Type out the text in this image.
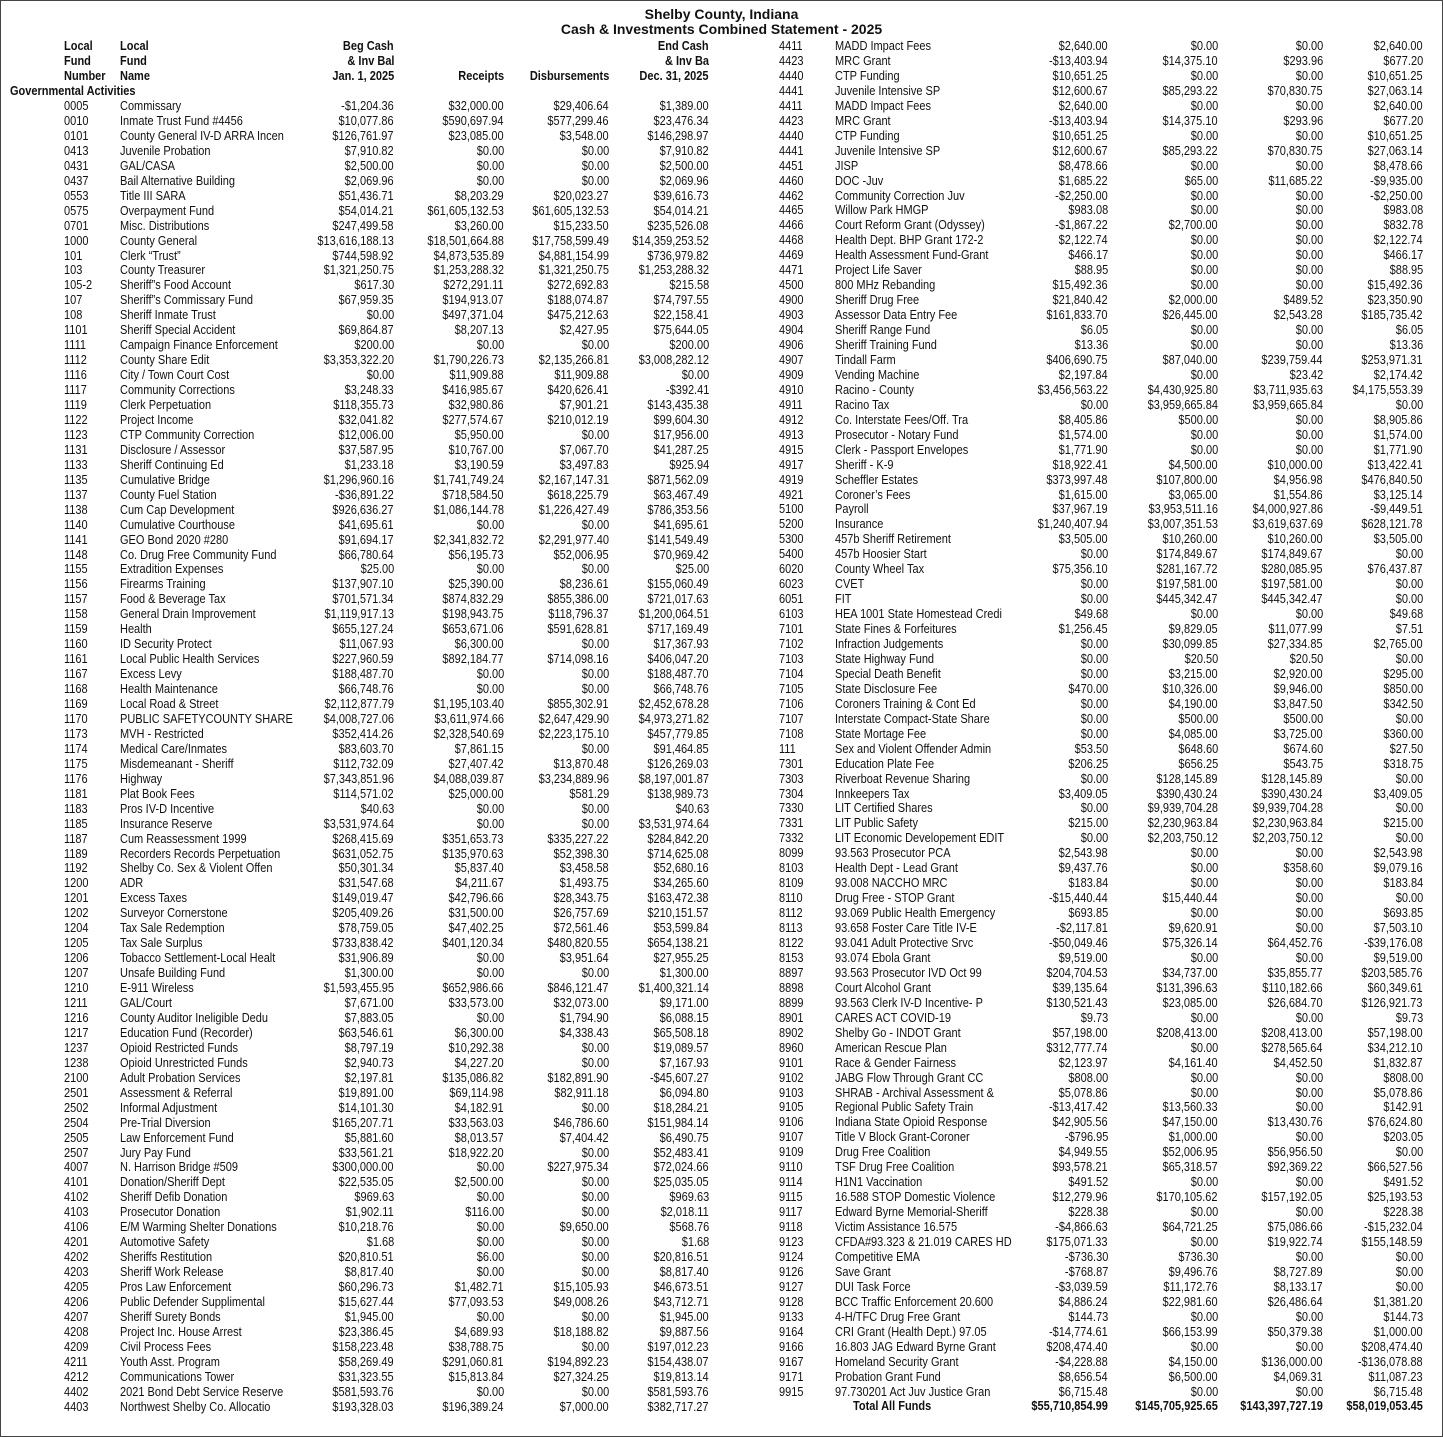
Shelby County, Indiana
Cash & Investments Combined Statement - 2025
Local Local	Beg Cash	End Cash
Fund Fund	& Inv Bal	& Inv Ba
Number Name	Jan. 1, 2025	Dec. 31, 2025
Receipts Disbursements
Governmental Activities
0005	Commissary	-$1,204.36	$32,000.00	$29,406.64	$1,389.00
0010	Inmate Trust Fund #4456	$10,077.86	$590,697.94	$577,299.46	$23,476.34
0101	County General IV-D ARRA Incen	$126,761.97	$23,085.00	$3,548.00	$146,298.97
0413	Juvenile Probation	$7,910.82	$0.00	$0.00	$7,910.82
0431	GAL/CASA	$2,500.00	$0.00	$0.00	$2,500.00
0437	Bail Alternative Building	$2,069.96	$0.00	$0.00	$2,069.96
0553	Title III SARA	$51,436.71	$8,203.29	$20,023.27	$39,616.73
0575	Overpayment Fund	$54,014.21	$61,605,132.53 $61,605,132.53	$54,014.21
0701	Misc. Distributions	$247,499.58	$3,260.00	$15,233.50	$235,526.08
1000	County General	$13,616,188.13	$18,501,664.88 $17,758,599.49 $14,359,253.52
101	Clerk “Trust”	$744,598.92	$4,873,535.89	$4,881,154.99	$736,979.82
103	County Treasurer	$1,321,250.75	$1,253,288.32	$1,321,250.75 $1,253,288.32
105-2 Sheriff”s Food Account	$617.30	$272,291.11	$272,692.83	$215.58
107	Sheriff”s Commissary Fund	$67,959.35	$194,913.07	$188,074.87	$74,797.55
108	Sheriff Inmate Trust	$0.00	$497,371.04	$475,212.63	$22,158.41
1101	Sheriff Special Accident	$69,864.87	$8,207.13	$2,427.95	$75,644.05
1111	Campaign Finance Enforcement	$200.00	$0.00	$0.00	$200.00
1112	County Share Edit	$3,353,322.20	$1,790,226.73	$2,135,266.81 $3,008,282.12
1116	City / Town Court Cost	$0.00	$11,909.88	$11,909.88	$0.00
1117	Community Corrections	$3,248.33	$416,985.67	$420,626.41	-$392.41
1119	Clerk Perpetuation	$118,355.73	$32,980.86	$7,901.21	$143,435.38
1122	Project Income	$32,041.82	$277,574.67	$210,012.19	$99,604.30
1123	CTP Community Correction	$12,006.00	$5,950.00	$0.00	$17,956.00
1131	Disclosure / Assessor	$37,587.95	$10,767.00	$7,067.70	$41,287.25
1133	Sheriff Continuing Ed	$1,233.18	$3,190.59	$3,497.83	$925.94
1135	Cumulative Bridge	$1,296,960.16	$1,741,749.24	$2,167,147.31	$871,562.09
1137	County Fuel Station	-$36,891.22	$718,584.50	$618,225.79	$63,467.49
1138	Cum Cap Development	$926,636.27	$1,086,144.78	$1,226,427.49	$786,353.56
1140	Cumulative Courthouse	$41,695.61	$0.00	$0.00	$41,695.61
1141	GEO Bond 2020 #280	$91,694.17	$2,341,832.72	$2,291,977.40	$141,549.49
1148	Co. Drug Free Community Fund	$66,780.64	$56,195.73	$52,006.95	$70,969.42
1155	Extradition Expenses	$25.00	$0.00	$0.00	$25.00
1156	Firearms Training	$137,907.10	$25,390.00	$8,236.61	$155,060.49
1157	Food & Beverage Tax	$701,571.34	$874,832.29	$855,386.00	$721,017.63
1158	General Drain Improvement	$1,119,917.13	$198,943.75	$118,796.37 $1,200,064.51
1159	Health	$655,127.24	$653,671.06	$591,628.81	$717,169.49
1160	ID Security Protect	$11,067.93	$6,300.00	$0.00	$17,367.93
1161	Local Public Health Services	$227,960.59	$892,184.77	$714,098.16	$406,047.20
1167	Excess Levy	$188,487.70	$0.00	$0.00	$188,487.70
1168	Health Maintenance	$66,748.76	$0.00	$0.00	$66,748.76
1169	Local Road & Street	$2,112,877.79	$1,195,103.40	$855,302.91 $2,452,678.28
1170	PUBLIC SAFETYCOUNTY SHARE $4,008,727.06	$3,611,974.66	$2,647,429.90 $4,973,271.82
1173	MVH - Restricted	$352,414.26	$2,328,540.69	$2,223,175.10	$457,779.85
1174	Medical Care/Inmates	$83,603.70	$7,861.15	$0.00	$91,464.85
1175	Misdemeanant - Sheriff	$112,732.09	$27,407.42	$13,870.48	$126,269.03
1176	Highway	$7,343,851.96	$4,088,039.87	$3,234,889.96 $8,197,001.87
1181	Plat Book Fees	$114,571.02	$25,000.00	$581.29	$138,989.73
1183	Pros IV-D Incentive	$40.63	$0.00	$0.00	$40.63
1185	Insurance Reserve	$3,531,974.64	$0.00	$0.00 $3,531,974.64
1187	Cum Reassessment 1999	$268,415.69	$351,653.73	$335,227.22	$284,842.20
1189	Recorders Records Perpetuation	$631,052.75	$135,970.63	$52,398.30	$714,625.08
1192	Shelby Co. Sex & Violent Offen	$50,301.34	$5,837.40	$3,458.58	$52,680.16
1200	ADR	$31,547.68	$4,211.67	$1,493.75	$34,265.60
1201	Excess Taxes	$149,019.47	$42,796.66	$28,343.75	$163,472.38
1202	Surveyor Cornerstone	$205,409.26	$31,500.00	$26,757.69	$210,151.57
1204	Tax Sale Redemption	$78,759.05	$47,402.25	$72,561.46	$53,599.84
1205	Tax Sale Surplus	$733,838.42	$401,120.34	$480,820.55	$654,138.21
1206	Tobacco Settlement-Local Healt	$31,906.89	$0.00	$3,951.64	$27,955.25
1207	Unsafe Building Fund	$1,300.00	$0.00	$0.00	$1,300.00
1210	E-911 Wireless	$1,593,455.95	$652,986.66	$846,121.47 $1,400,321.14
1211	GAL/Court	$7,671.00	$33,573.00	$32,073.00	$9,171.00
1216	County Auditor Ineligible Dedu	$7,883.05	$0.00	$1,794.90	$6,088.15
1217	Education Fund (Recorder)	$63,546.61	$6,300.00	$4,338.43	$65,508.18
1237	Opioid Restricted Funds	$8,797.19	$10,292.38	$0.00	$19,089.57
1238	Opioid Unrestricted Funds	$2,940.73	$4,227.20	$0.00	$7,167.93
2100	Adult Probation Services	$2,197.81	$135,086.82	$182,891.90	-$45,607.27
2501	Assessment & Referral	$19,891.00	$69,114.98	$82,911.18	$6,094.80
2502	Informal Adjustment	$14,101.30	$4,182.91	$0.00	$18,284.21
2504	Pre-Trial Diversion	$165,207.71	$33,563.03	$46,786.60	$151,984.14
2505	Law Enforcement Fund	$5,881.60	$8,013.57	$7,404.42	$6,490.75
2507	Jury Pay Fund	$33,561.21	$18,922.20	$0.00	$52,483.41
4007	N. Harrison Bridge #509	$300,000.00	$0.00	$227,975.34	$72,024.66
4101	Donation/Sheriff Dept	$22,535.05	$2,500.00	$0.00	$25,035.05
4102	Sheriff Defib Donation	$969.63	$0.00	$0.00	$969.63
4103	Prosecutor Donation	$1,902.11	$116.00	$0.00	$2,018.11
4106	E/M Warming Shelter Donations	$10,218.76	$0.00	$9,650.00	$568.76
4201	Automotive Safety	$1.68	$0.00	$0.00	$1.68
4202	Sheriffs Restitution	$20,810.51	$6.00	$0.00	$20,816.51
4203	Sheriff Work Release	$8,817.40	$0.00	$0.00	$8,817.40
4205	Pros Law Enforcement	$60,296.73	$1,482.71	$15,105.93	$46,673.51
4206	Public Defender Supplimental	$15,627.44	$77,093.53	$49,008.26	$43,712.71
4207	Sheriff Surety Bonds	$1,945.00	$0.00	$0.00	$1,945.00
4208	Project Inc. House Arrest	$23,386.45	$4,689.93	$18,188.82	$9,887.56
4209	Civil Process Fees	$158,223.48	$38,788.75	$0.00	$197,012.23
4211	Youth Asst. Program	$58,269.49	$291,060.81	$194,892.23	$154,438.07
4212	Communications Tower	$31,323.55	$15,813.84	$27,324.25	$19,813.14
4402	2021 Bond Debt Service Reserve	$581,593.76	$0.00	$0.00	$581,593.76
4403	Northwest Shelby Co. Allocatio	$193,328.03	$196,389.24	$7,000.00	$382,717.27
4411	MADD Impact Fees	$2,640.00	$0.00	$0.00	$2,640.00
4423	MRC Grant	-$13,403.94	$14,375.10	$293.96	$677.20
4440	CTP Funding	$10,651.25	$0.00	$0.00	$10,651.25
4441	Juvenile Intensive SP	$12,600.67	$85,293.22	$70,830.75	$27,063.14
4411	MADD Impact Fees	$2,640.00	$0.00	$0.00	$2,640.00
4423	MRC Grant	-$13,403.94	$14,375.10	$293.96	$677.20
4440	CTP Funding	$10,651.25	$0.00	$0.00	$10,651.25
4441	Juvenile Intensive SP	$12,600.67	$85,293.22	$70,830.75	$27,063.14
4451	JISP	$8,478.66	$0.00	$0.00	$8,478.66
4460	DOC -Juv	$1,685.22	$65.00	$11,685.22	-$9,935.00
4462	Community Correction Juv	-$2,250.00	$0.00	$0.00	-$2,250.00
4465	Willow Park HMGP	$983.08	$0.00	$0.00	$983.08
4466	Court Reform Grant (Odyssey)	-$1,867.22	$2,700.00	$0.00	$832.78
4468	Health Dept. BHP Grant 172-2	$2,122.74	$0.00	$0.00	$2,122.74
4469	Health Assessment Fund-Grant	$466.17	$0.00	$0.00	$466.17
4471	Project Life Saver	$88.95	$0.00	$0.00	$88.95
4500	800 MHz Rebanding	$15,492.36	$0.00	$0.00	$15,492.36
4900	Sheriff Drug Free	$21,840.42	$2,000.00	$489.52	$23,350.90
4903	Assessor Data Entry Fee	$161,833.70	$26,445.00	$2,543.28	$185,735.42
4904	Sheriff Range Fund	$6.05	$0.00	$0.00	$6.05
4906	Sheriff Training Fund	$13.36	$0.00	$0.00	$13.36
4907	Tindall Farm	$406,690.75	$87,040.00	$239,759.44	$253,971.31
4909	Vending Machine	$2,197.84	$0.00	$23.42	$2,174.42
4910	Racino - County	$3,456,563.22	$4,430,925.80	$3,711,935.63 $4,175,553.39
4911	Racino Tax	$0.00	$3,959,665.84	$3,959,665.84	$0.00
4912	Co. Interstate Fees/Off. Tra	$8,405.86	$500.00	$0.00	$8,905.86
4913	Prosecutor - Notary Fund	$1,574.00	$0.00	$0.00	$1,574.00
4915	Clerk - Passport Envelopes	$1,771.90	$0.00	$0.00	$1,771.90
4917	Sheriff - K-9	$18,922.41	$4,500.00	$10,000.00	$13,422.41
4919	Scheffler Estates	$373,997.48	$107,800.00	$4,956.98	$476,840.50
4921	Coroner’s Fees	$1,615.00	$3,065.00	$1,554.86	$3,125.14
5100	Payroll	$37,967.19	$3,953,511.16	$4,000,927.86	-$9,449.51
5200	Insurance	$1,240,407.94	$3,007,351.53	$3,619,637.69	$628,121.78
5300	457b Sheriff Retirement	$3,505.00	$10,260.00	$10,260.00	$3,505.00
5400	457b Hoosier Start	$0.00	$174,849.67	$174,849.67	$0.00
6020	County Wheel Tax	$75,356.10	$281,167.72	$280,085.95	$76,437.87
6023	CVET	$0.00	$197,581.00	$197,581.00	$0.00
6051	FIT	$0.00	$445,342.47	$445,342.47	$0.00
6103	HEA 1001 State Homestead Credi	$49.68	$0.00	$0.00	$49.68
7101	State Fines & Forfeitures	$1,256.45	$9,829.05	$11,077.99	$7.51
7102	Infraction Judgements	$0.00	$30,099.85	$27,334.85	$2,765.00
7103	State Highway Fund	$0.00	$20.50	$20.50	$0.00
7104	Special Death Benefit	$0.00	$3,215.00	$2,920.00	$295.00
7105	State Disclosure Fee	$470.00	$10,326.00	$9,946.00	$850.00
7106	Coroners Training & Cont Ed	$0.00	$4,190.00	$3,847.50	$342.50
7107	Interstate Compact-State Share	$0.00	$500.00	$500.00	$0.00
7108	State Mortage Fee	$0.00	$4,085.00	$3,725.00	$360.00
111	Sex and Violent Offender Admin	$53.50	$648.60	$674.60	$27.50
7301	Education Plate Fee	$206.25	$656.25	$543.75	$318.75
7303	Riverboat Revenue Sharing	$0.00	$128,145.89	$128,145.89	$0.00
7304	Innkeepers Tax	$3,409.05	$390,430.24	$390,430.24	$3,409.05
7330	LIT Certified Shares	$0.00	$9,939,704.28	$9,939,704.28	$0.00
7331	LIT Public Safety	$215.00	$2,230,963.84	$2,230,963.84	$215.00
7332	LIT Economic Developement EDIT	$0.00	$2,203,750.12	$2,203,750.12	$0.00
8099	93.563 Prosecutor PCA	$2,543.98	$0.00	$0.00	$2,543.98
8103	Health Dept - Lead Grant	$9,437.76	$0.00	$358.60	$9,079.16
8109	93.008 NACCHO MRC	$183.84	$0.00	$0.00	$183.84
8110	Drug Free - STOP Grant	-$15,440.44	$15,440.44	$0.00	$0.00
8112	93.069 Public Health Emergency	$693.85	$0.00	$0.00	$693.85
8113	93.658 Foster Care Title IV-E	-$2,117.81	$9,620.91	$0.00	$7,503.10
8122	93.041 Adult Protective Srvc	-$50,049.46	$75,326.14	$64,452.76	-$39,176.08
8153	93.074 Ebola Grant	$9,519.00	$0.00	$0.00	$9,519.00
8897	93.563 Prosecutor IVD Oct 99	$204,704.53	$34,737.00	$35,855.77	$203,585.76
8898	Court Alcohol Grant	$39,135.64	$131,396.63	$110,182.66	$60,349.61
8899	93.563 Clerk IV-D Incentive- P	$130,521.43	$23,085.00	$26,684.70	$126,921.73
8901	CARES ACT COVID-19	$9.73	$0.00	$0.00	$9.73
8902	Shelby Go - INDOT Grant	$57,198.00	$208,413.00	$208,413.00	$57,198.00
8960	American Rescue Plan	$312,777.74	$0.00	$278,565.64	$34,212.10
9101	Race & Gender Fairness	$2,123.97	$4,161.40	$4,452.50	$1,832.87
9102	JABG Flow Through Grant CC	$808.00	$0.00	$0.00	$808.00
9103	SHRAB - Archival Assessment &	$5,078.86	$0.00	$0.00	$5,078.86
9105	Regional Public Safety Train	-$13,417.42	$13,560.33	$0.00	$142.91
9106	Indiana State Opioid Response	$42,905.56	$47,150.00	$13,430.76	$76,624.80
9107	Title V Block Grant-Coroner	-$796.95	$1,000.00	$0.00	$203.05
9109	Drug Free Coalition	$4,949.55	$52,006.95	$56,956.50	$0.00
9110	TSF Drug Free Coalition	$93,578.21	$65,318.57	$92,369.22	$66,527.56
9114	H1N1 Vaccination	$491.52	$0.00	$0.00	$491.52
9115	16.588 STOP Domestic Violence	$12,279.96	$170,105.62	$157,192.05	$25,193.53
9117	Edward Byrne Memorial-Sheriff	$228.38	$0.00	$0.00	$228.38
9118	Victim Assistance 16.575	-$4,866.63	$64,721.25	$75,086.66	-$15,232.04
9123	CFDA#93.323 & 21.019 CARES HD	$175,071.33	$0.00	$19,922.74	$155,148.59
9124	Competitive EMA	-$736.30	$736.30	$0.00	$0.00
9126	Save Grant	-$768.87	$9,496.76	$8,727.89	$0.00
9127	DUI Task Force	-$3,039.59	$11,172.76	$8,133.17	$0.00
9128	BCC Traffic Enforcement 20.600	$4,886.24	$22,981.60	$26,486.64	$1,381.20
9133	4-H/TFC Drug Free Grant	$144.73	$0.00	$0.00	$144.73
9164	CRI Grant (Health Dept.) 97.05	-$14,774.61	$66,153.99	$50,379.38	$1,000.00
9166	16.803 JAG Edward Byrne Grant	$208,474.40	$0.00	$0.00	$208,474.40
9167	Homeland Security Grant	-$4,228.88	$4,150.00	$136,000.00	-$136,078.88
9171	Probation Grant Fund	$8,656.54	$6,500.00	$4,069.31	$11,087.23
9915	97.730201 Act Juv Justice Gran	$6,715.48	$0.00	$0.00	$6,715.48
Total All Funds	$55,710,854.99 $145,705,925.65 $143,397,727.19 $58,019,053.45
